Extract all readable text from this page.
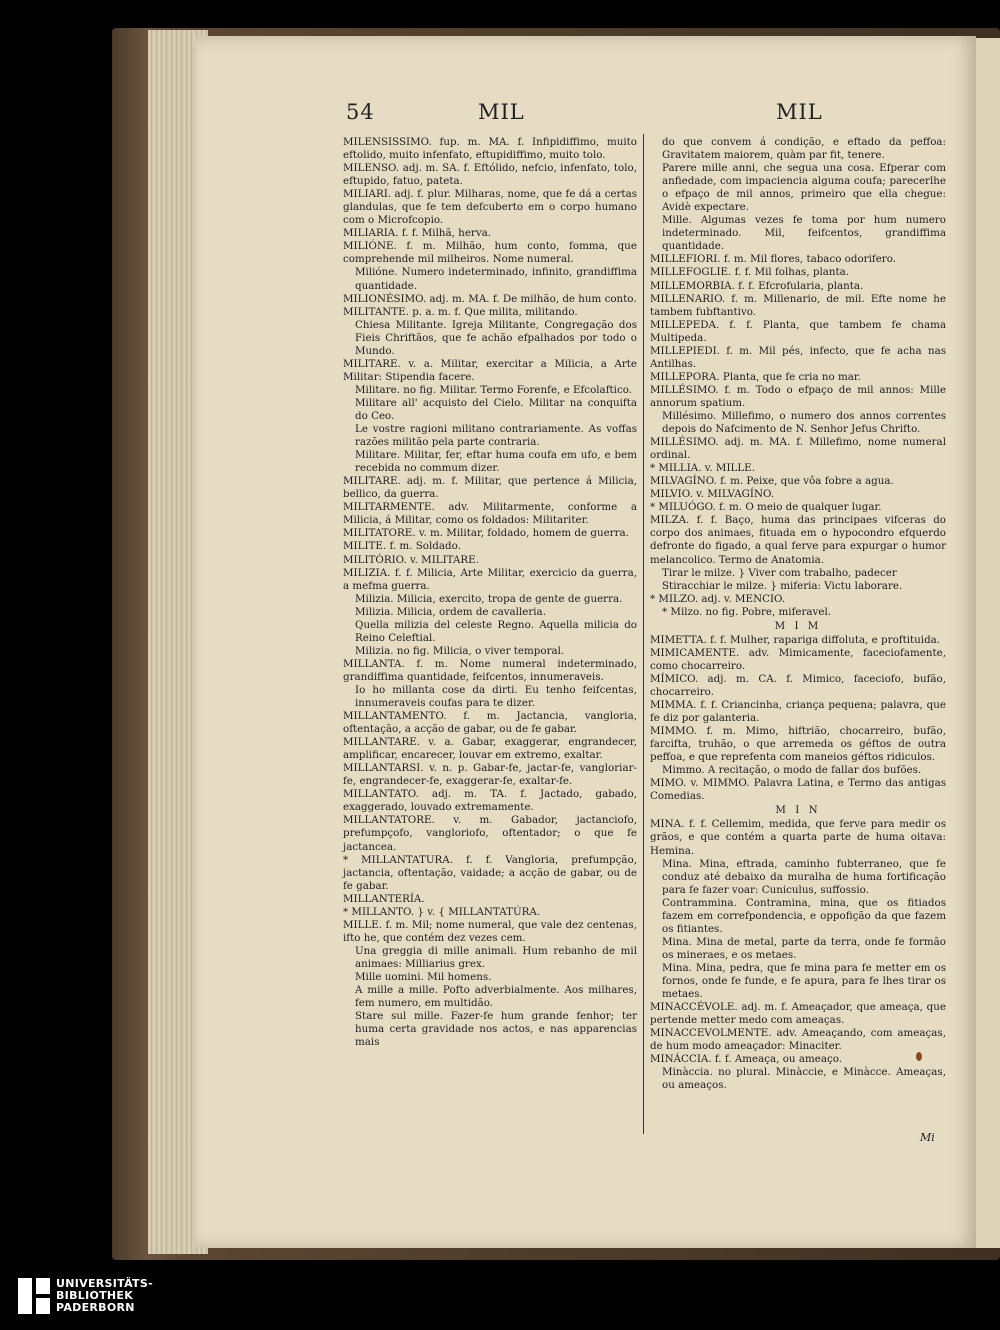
54	MIL	MIL

MILENSISSIMO. fup. m. MA. f. Infipidiffimo, muito eftolido, muito infenfato, eftupidiffimo, muito tolo.

MILENSO. adj. m. SA. f. Eftólido, nefcio, infenfato, tolo, eftupido, fatuo, pateta.

MILIARI. adj. f. plur. Milharas, nome, que fe dá a certas glandulas, que fe tem defcuberto em o corpo humano com o Microfcopio.

MILIARIA. f. f. Milhã, herva.

MILIÓNE. f. m. Milhão, hum conto, fomma, que comprehende mil milheiros. Nome numeral.

Milióne. Numero indeterminado, infinito, grandiffima quantidade.

MILIONÉSIMO. adj. m. MA. f. De milhão, de hum conto.

MILITANTE. p. a. m. f. Que milita, militando.

Chiesa Militante. Igreja Militante, Congregação dos Fieis Chriftãos, que fe achão efpalhados por todo o Mundo.

MILITARE. v. a. Militar, exercitar a Milicia, a Arte Militar: Stipendia facere.

Militare. no fig. Militar. Termo Forenfe, e Efcolaftico.

Militare all' acquisto del Cielo. Militar na conquifta do Ceo.

Le vostre ragioni militano contrariamente. As voffas razões militão pela parte contraria.

Militare. Militar, fer, eftar huma coufa em ufo, e bem recebida no commum dizer.

MILITARE. adj. m. f. Militar, que pertence á Milicia, bellico, da guerra.

MILITARMENTE. adv. Militarmente, conforme a Milicia, á Militar, como os foldados: Militariter.

MILITATORE. v. m. Militar, foldado, homem de guerra.

MILITE. f. m. Soldado.

MILITÓRIO. v. MILITARE.

MILIZIA. f. f. Milicia, Arte Militar, exercicio da guerra, a mefma guerra.

Milizia. Milicia, exercito, tropa de gente de guerra.

Milizia. Milicia, ordem de cavalleria.

Quella milizia del celeste Regno. Aquella milicia do Reino Celeftial.

Milizia. no fig. Milicia, o viver temporal.

MILLANTA. f. m. Nome numeral indeterminado, grandiffima quantidade, feifcentos, innumeraveis.

Io ho millanta cose da dirti. Eu tenho feifcentas, innumeraveis coufas para te dizer.

MILLANTAMENTO. f. m. Jactancia, vangloria, oftentação, a acção de gabar, ou de fe gabar.

MILLANTARE. v. a. Gabar, exaggerar, engrandecer, amplificar, encarecer, louvar em extremo, exaltar.

MILLANTARSI. v. n. p. Gabar-fe, jactar-fe, vangloriar-fe, engrandecer-fe, exaggerar-fe, exaltar-fe.

MILLANTATO. adj. m. TA. f. Jactado, gabado, exaggerado, louvado extremamente.

MILLANTATORE. v. m. Gabador, jactanciofo, prefumpçofo, vangloriofo, oftentador; o que fe jactancea.

* MILLANTATURA. f. f. Vangloria, prefumpção, jactancia, oftentação, vaidade; a acção de gabar, ou de fe gabar.

MILLANTERÍA.

* MILLANTO. } v. { MILLANTATÚRA.

MILLE. f. m. Mil; nome numeral, que vale dez centenas, ifto he, que contém dez vezes cem.

Una greggia di mille animali. Hum rebanho de mil animaes: Milliarius grex.

Mille uomini. Mil homens.

A mille a mille. Pofto adverbialmente. Aos milhares, fem numero, em multidão.

Stare sul mille. Fazer-fe hum grande fenhor; ter huma certa gravidade nos actos, e nas apparencias mais

do que convem á condição, e eftado da peffoa: Gravitatem maiorem, quàm par fit, tenere.

Parere mille anni, che segua una cosa. Efperar com anfiedade, com impaciencia alguma coufa; parecerlhe o efpaço de mil annos, primeiro que ella chegue: Avidè expectare.

Mille. Algumas vezes fe toma por hum numero indeterminado. Mil, feifcentos, grandiffima quantidade.

MILLEFIORI. f. m. Mil flores, tabaco odorifero.

MILLEFOGLIE. f. f. Mil folhas, planta.

MILLEMORBIA. f. f. Efcrofularia, planta.

MILLENARIO. f. m. Millenario, de mil. Efte nome he tambem fubftantivo.

MILLEPEDA. f. f. Planta, que tambem fe chama Multipeda.

MILLEPIEDI. f. m. Mil pés, infecto, que fe acha nas Antilhas.

MILLEPORA. Planta, que fe cria no mar.

MILLÉSIMO. f. m. Todo o efpaço de mil annos: Mille annorum spatium.

Millésimo. Millefimo, o numero dos annos correntes depois do Nafcimento de N. Senhor Jefus Chrifto.

MILLÉSIMO. adj. m. MA. f. Millefimo, nome numeral ordinal.

* MILLIA. v. MILLE.

MILVAGÍNO. f. m. Peixe, que vôa fobre a agua.

MILVIO. v. MILVAGÍNO.

* MILUÓGO. f. m. O meio de qualquer lugar.

MILZA. f. f. Baço, huma das principaes vifceras do corpo dos animaes, fituada em o hypocondro efquerdo defronte do figado, a qual ferve para expurgar o humor melancolico. Termo de Anatomia.

Tirar le milze. } Viver com trabalho, padecer

Stiracchiar le milze. } miferia: Victu laborare.

* MILZO. adj. v. MENCIO.

* Milzo. no fig. Pobre, miferavel.

M I M

MIMETTA. f. f. Mulher, rapariga diffoluta, e proftituida.

MIMICAMENTE. adv. Mimicamente, faceciofamente, como chocarreiro.

MÍMICO. adj. m. CA. f. Mimico, faceciofo, bufão, chocarreiro.

MIMMA. f. f. Criancinha, criança pequena; palavra, que fe diz por galanteria.

MIMMO. f. m. Mimo, hiftrião, chocarreiro, bufão, farcifta, truhão, o que arremeda os géftos de outra peffoa, e que reprefenta com maneios géftos ridiculos.

Mimmo. A recitação, o modo de fallar dos bufões.

MIMO. v. MIMMO. Palavra Latina, e Termo das antigas Comedias.

M I N

MINA. f. f. Cellemim, medida, que ferve para medir os grãos, e que contém a quarta parte de huma oitava: Hemina.

Mina. Mina, eftrada, caminho fubterraneo, que fe conduz até debaixo da muralha de huma fortificação para fe fazer voar: Cuniculus, suffossio.

Contrammina. Contramina, mina, que os fitiados fazem em correfpondencia, e oppofição da que fazem os fitiantes.

Mina. Mina de metal, parte da terra, onde fe formão os mineraes, e os metaes.

Mina. Mina, pedra, que fe mina para fe metter em os fornos, onde fe funde, e fe apura, para fe lhes tirar os metaes.

MINACCÉVOLE. adj. m. f. Ameaçador, que ameaça, que pertende metter medo com ameaças.

MINACCEVOLMENTE. adv. Ameaçando, com ameaças, de hum modo ameaçador: Minaciter.

MINÁCCIA. f. f. Ameaça, ou ameaço.

Minàccia. no plural. Minàccie, e Minàcce. Ameaças, ou ameaços.

Mi
UNIVERSITÄTS-
BIBLIOTHEK
PADERBORN
